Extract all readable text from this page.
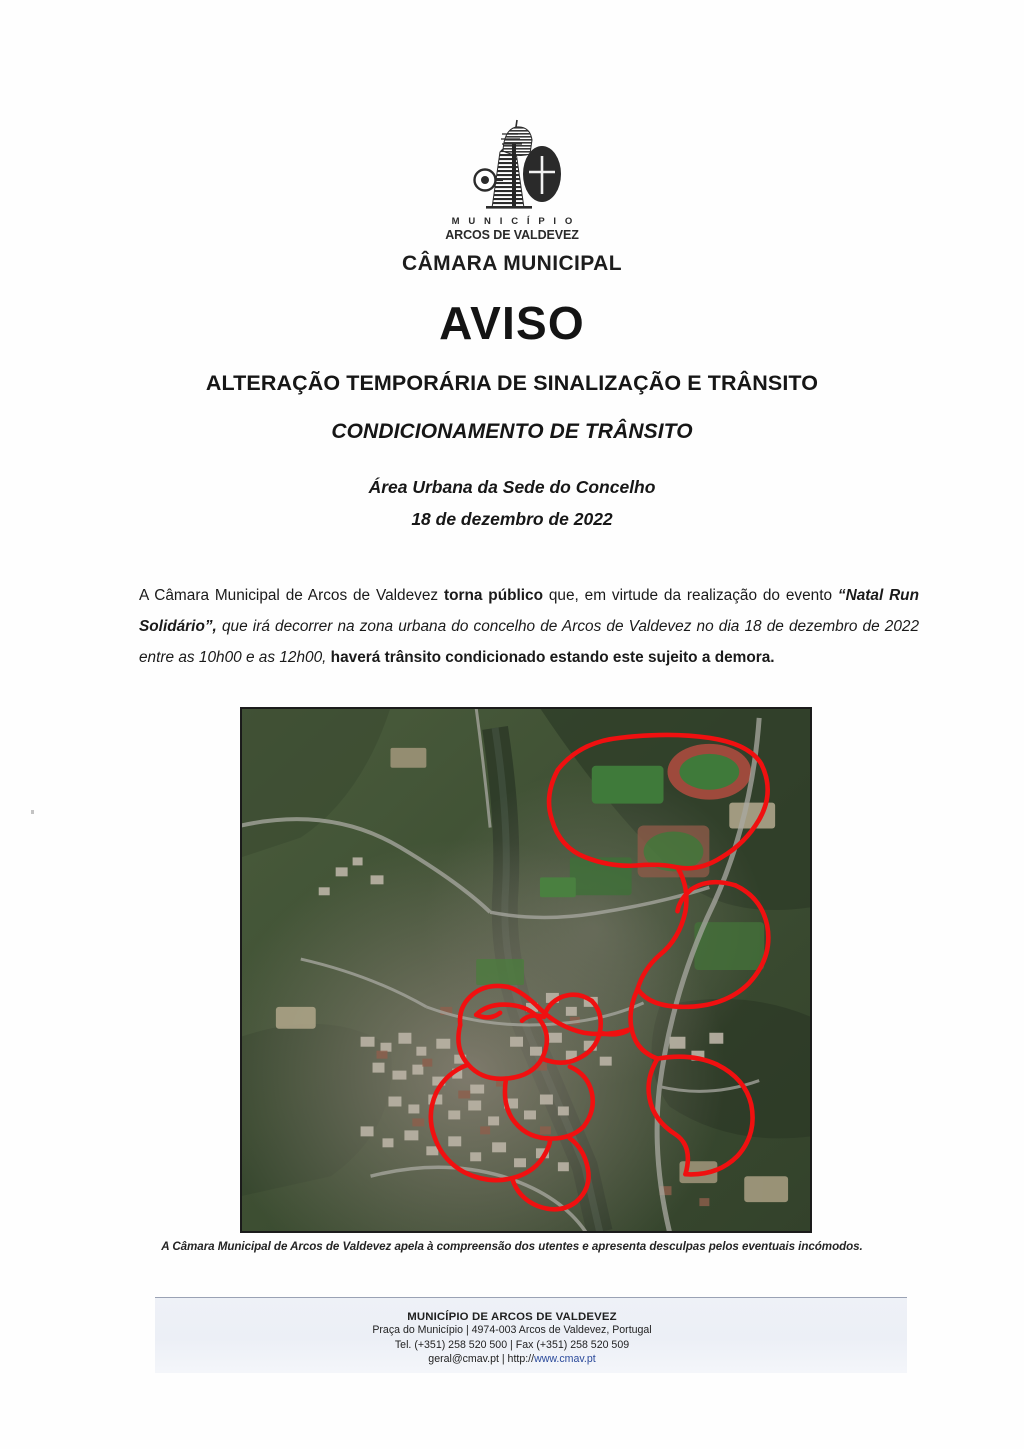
M U N I C Í P I O
ARCOS DE VALDEVEZ
CÂMARA MUNICIPAL
AVISO
ALTERAÇÃO TEMPORÁRIA DE SINALIZAÇÃO E TRÂNSITO
CONDICIONAMENTO DE TRÂNSITO
Área Urbana da Sede do Concelho
18 de dezembro de 2022

A Câmara Municipal de Arcos de Valdevez torna público que, em virtude da realização do evento “Natal Run Solidário”, que irá decorrer na zona urbana do concelho de Arcos de Valdevez no dia 18 de dezembro de 2022 entre as 10h00 e as 12h00, haverá trânsito condicionado estando este sujeito a demora.

A Câmara Municipal de Arcos de Valdevez apela à compreensão dos utentes e apresenta desculpas pelos eventuais incómodos.
MUNICÍPIO DE ARCOS DE VALDEVEZ
Praça do Município | 4974-003 Arcos de Valdevez, Portugal
Tel. (+351) 258 520 500 | Fax (+351) 258 520 509
geral@cmav.pt | http://www.cmav.pt
